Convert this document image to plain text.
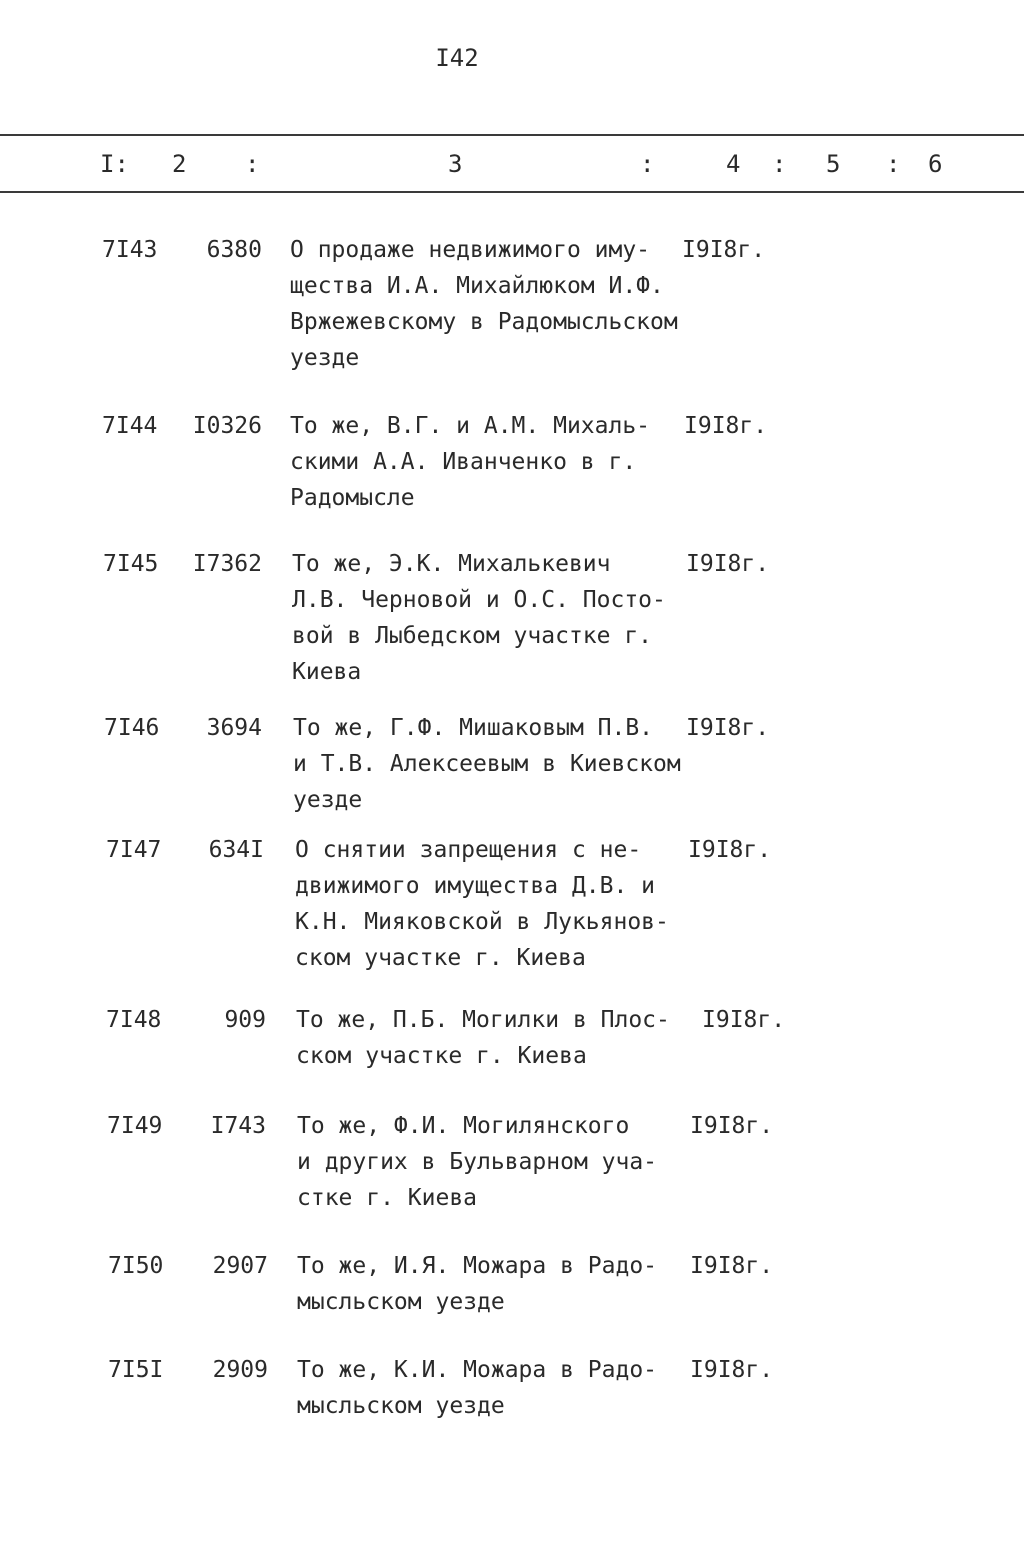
I42
I: 2 :	3	:	4 : 5 : 6
7I43	6380 О продаже недвижимого иму-
щества И.А. Михайлюком И.Ф.
Вржежевскому в Радомысльском
уезде
I9I8г.
7I44	I0326 То же, В.Г. и А.М. Михаль-
скими А.А. Иванченко в г.
Радомысле
I9I8г.
7I45	I7362 То же, Э.К. Михалькевич
Л.В. Черновой и О.С. Посто-
вой в Лыбедском участке г.
Киева
I9I8г.
7I46	3694 То же, Г.Ф. Мишаковым П.В.
и Т.В. Алексеевым в Киевском
уезде
I9I8г.
7I47	634I О снятии запрещения с не-
движимого имущества Д.В. и
К.Н. Мияковской в Лукьянов-
ском участке г. Киева
I9I8г.
7I48	909 То же, П.Б. Могилки в Плос-
ском участке г. Киева
I9I8г.
7I49	I743 То же, Ф.И. Могилянского
и других в Бульварном уча-
стке г. Киева
I9I8г.
7I50	2907 То же, И.Я. Можара в Радо-
мысльском уезде
I9I8г.
7I5I	2909 То же, К.И. Можара в Радо-
мысльском уезде
I9I8г.
